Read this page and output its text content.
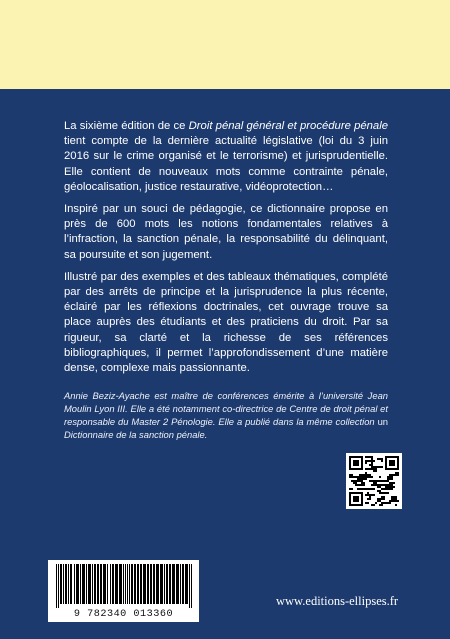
La sixième édition de ce Droit pénal général et procédure pénale tient compte de la dernière actualité législative (loi du 3 juin 2016 sur le crime organisé et le terrorisme) et jurisprudentielle. Elle contient de nouveaux mots comme contrainte pénale, géolocalisation, justice restaurative, vidéoprotection…

Inspiré par un souci de pédagogie, ce dictionnaire propose en près de 600 mots les notions fondamentales relatives à l’infraction, la sanction pénale, la responsabilité du délinquant, sa poursuite et son jugement.

Illustré par des exemples et des tableaux thématiques, complété par des arrêts de principe et la jurisprudence la plus récente, éclairé par les réflexions doctrinales, cet ouvrage trouve sa place auprès des étudiants et des praticiens du droit. Par sa rigueur, sa clarté et la richesse de ses références bibliographiques, il permet l’approfondissement d’une matière dense, complexe mais passionnante.

Annie Beziz-Ayache est maître de conférences émérite à l’université Jean Moulin Lyon III. Elle a été notamment co-directrice de Centre de droit pénal et responsable du Master 2 Pénologie. Elle a publié dans la même collection un Dictionnaire de la sanction pénale.

9 782340 013360
www.editions-ellipses.fr
